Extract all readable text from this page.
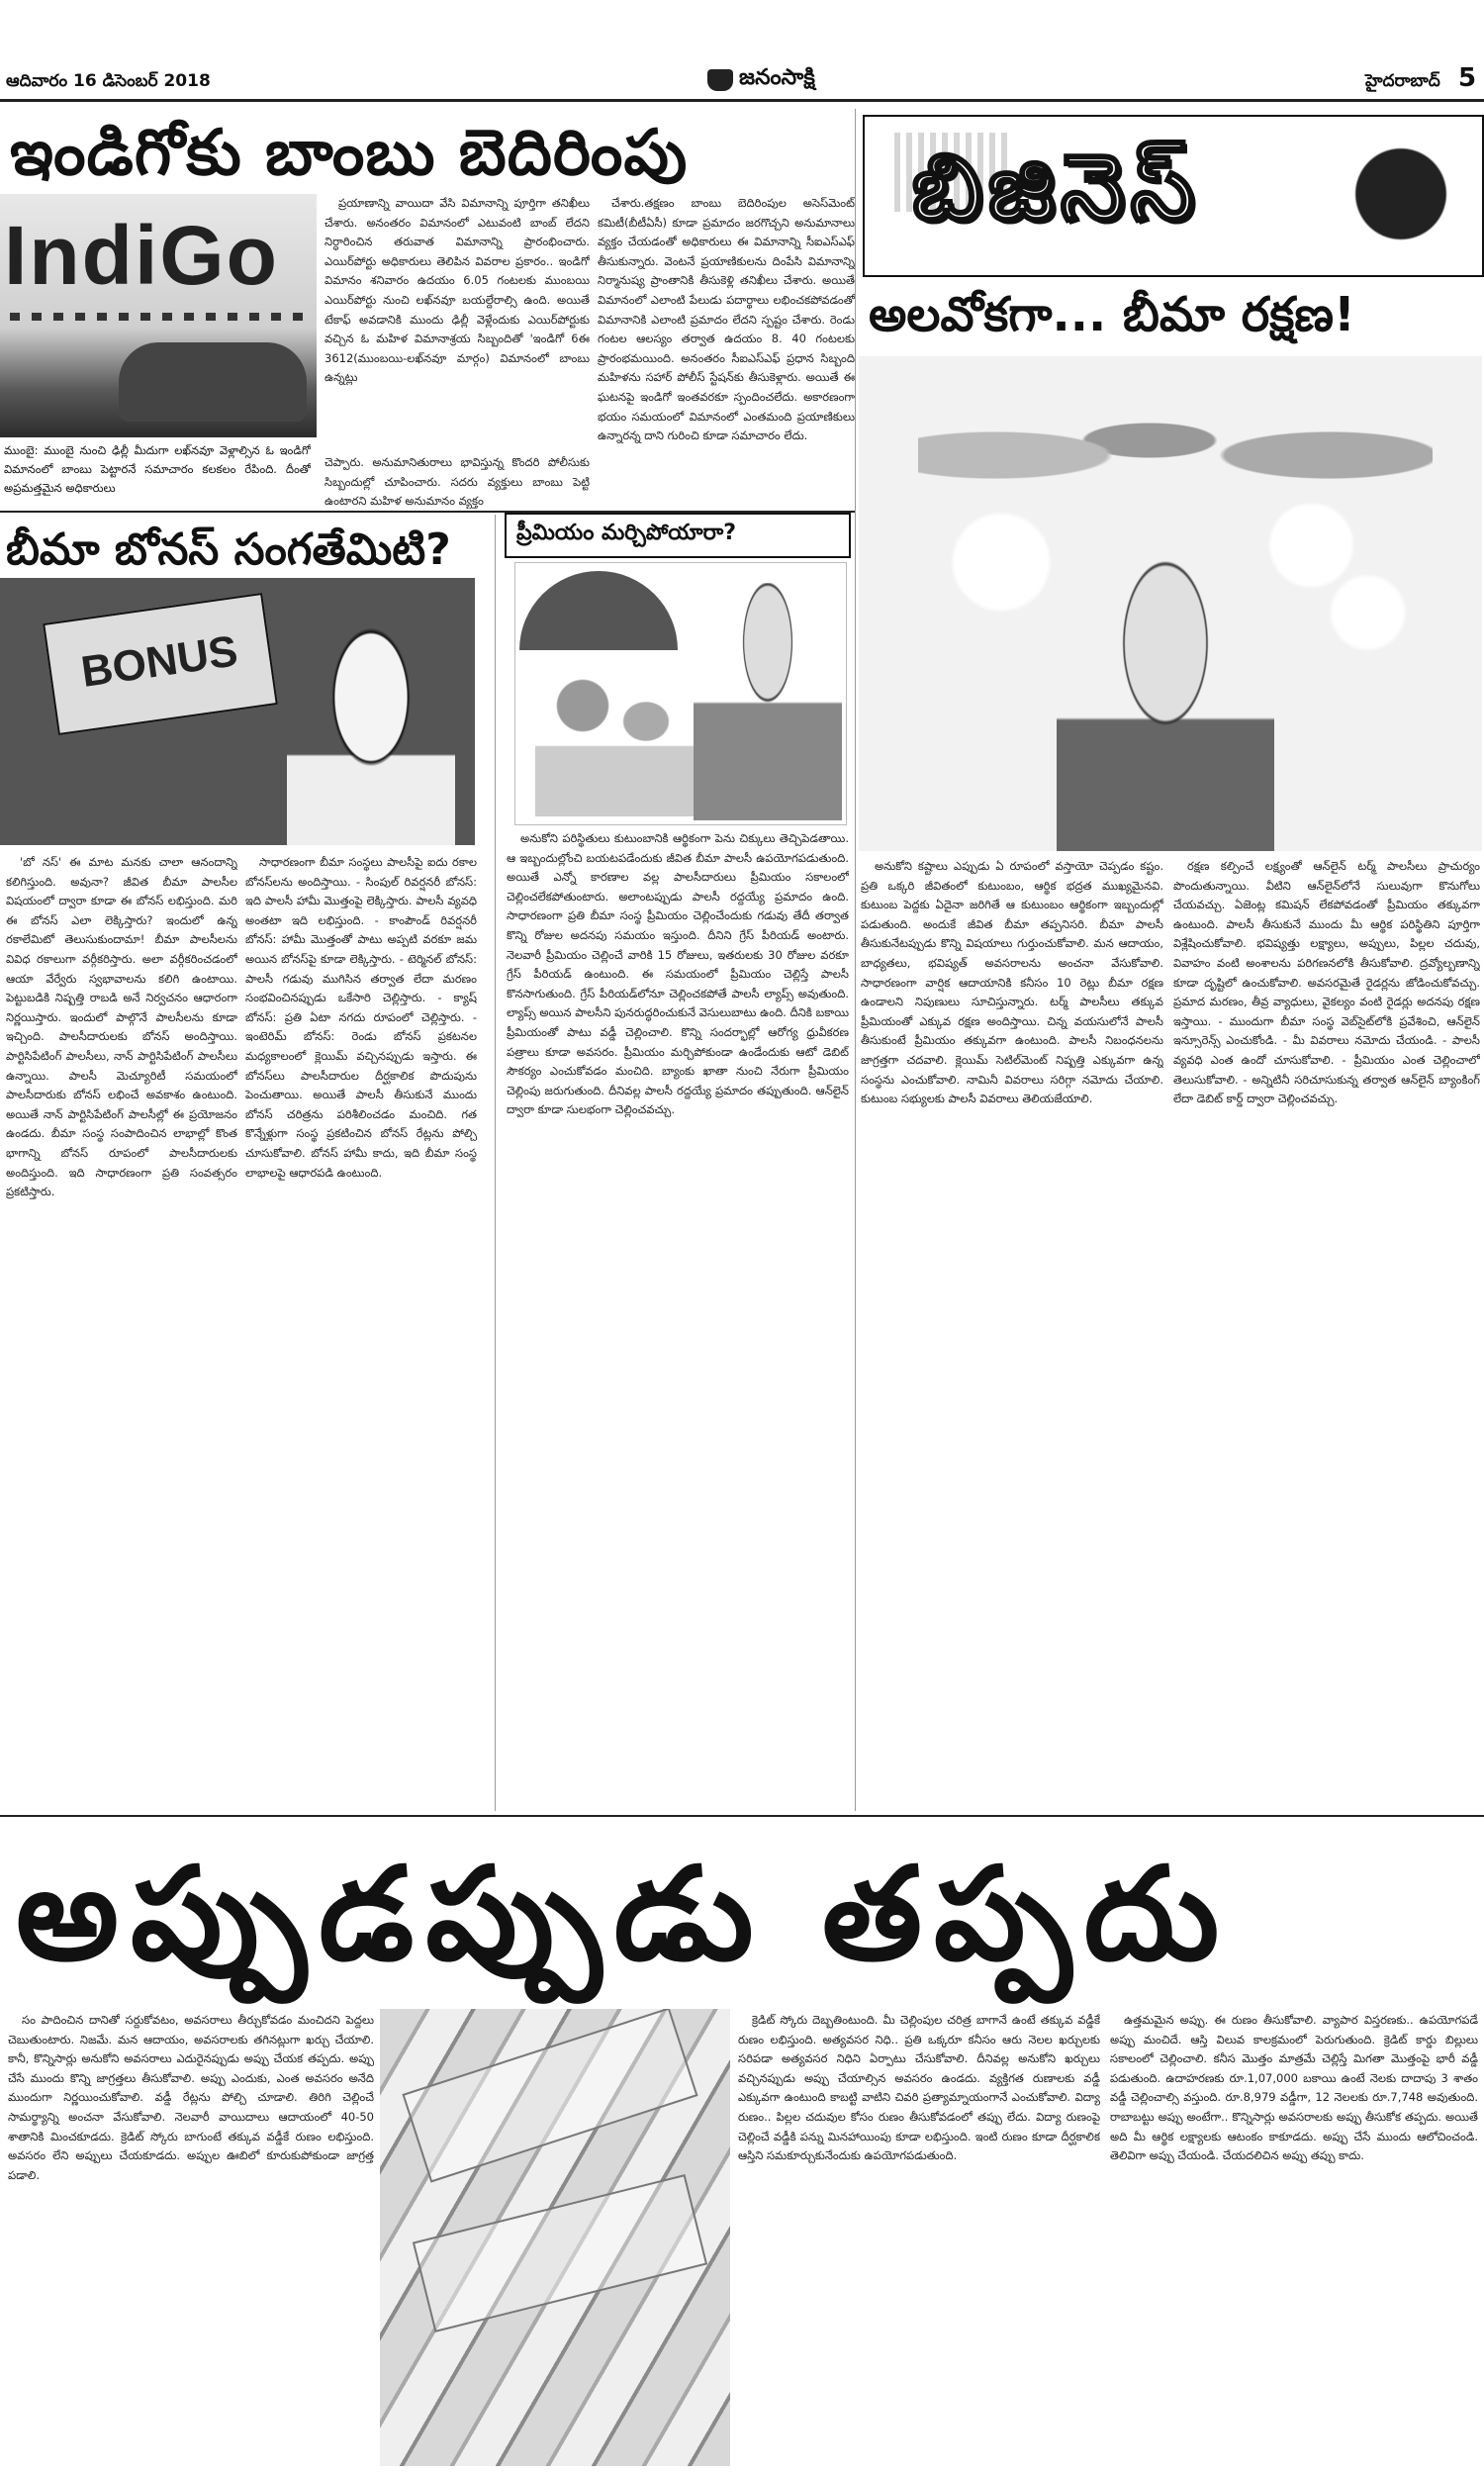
ఆదివారం 16 డిసెంబర్ 2018	జనంసాక్షి	హైదరాబాద్ 5
ఇండిగోకు బాంబు బెదిరింపు
IndiGo
ముంబై: ముంబై నుంచి ఢిల్లీ మీదుగా లఖ్‌నవూ వెళ్లాల్సిన ఓ ఇండిగో విమానంలో బాంబు పెట్టారనే సమాచారం కలకలం రేపింది. దీంతో అప్రమత్తమైన అధికారులు

ప్రయాణాన్ని వాయిదా వేసి విమానాన్ని పూర్తిగా తనిఖీలు చేశారు. అనంతరం విమానంలో ఎటువంటి బాంబ్ లేదని నిర్ధారించిన తరువాత విమానాన్ని ప్రారంభించారు. ఎయిర్‌పోర్టు అధికారులు తెలిపిన వివరాల ప్రకారం.. ఇండిగో విమానం శనివారం ఉదయం 6.05 గంటలకు ముంబయి ఎయిర్‌పోర్టు నుంచి లఖ్‌నవూ బయల్దేరాల్సి ఉంది. అయితే టేకాఫ్ అవడానికి ముందు ఢిల్లీ వెళ్లేందుకు ఎయిర్‌పోర్టుకు వచ్చిన ఓ మహిళ విమానాశ్రయ సిబ్బందితో 'ఇండిగో 6ఈ 3612(ముంబయి-లఖ్‌నవూ మార్గం) విమానంలో బాంబు ఉన్నట్లు

చెప్పారు. అనుమానితురాలు భావిస్తున్న కొందరి పోలీసుకు సిబ్బందుల్లో చూపించారు. సదరు వ్యక్తులు బాంబు పెట్టి ఉంటారని మహిళ అనుమానం వ్యక్తం

చేశారు.తక్షణం బాంబు బెదిరింపుల అసెస్‌మెంట్ కమిటీ(బీటీఏసీ) కూడా ప్రమాదం జరగొచ్చని అనుమానాలు వ్యక్తం చేయడంతో అధికారులు ఈ విమానాన్ని సీఐఎస్‌ఎఫ్ తీసుకున్నారు. వెంటనే ప్రయాణికులను దింపేసి విమానాన్ని నిర్మానుష్య ప్రాంతానికి తీసుకెళ్లి తనిఖీలు చేశారు. అయితే విమానంలో ఎలాంటి పేలుడు పదార్థాలు లభించకపోవడంతో విమానానికి ఎలాంటి ప్రమాదం లేదని స్పష్టం చేశారు. రెండు గంటల ఆలస్యం తర్వాత ఉదయం 8. 40 గంటలకు ప్రారంభమయింది. అనంతరం సీఐఎస్‌ఎఫ్ ప్రధాన సిబ్బంది మహిళను సహార్ పోలీస్ స్టేషన్‌కు తీసుకెళ్లారు. అయితే ఈ ఘటనపై ఇండిగో ఇంతవరకూ స్పందించలేదు. అకారణంగా భయం సమయంలో విమానంలో ఎంతమంది ప్రయాణికులు ఉన్నారన్న దాని గురించి కూడా సమాచారం లేదు.

బిజినెస్
అలవోకగా... బీమా రక్షణ!

అనుకోని కష్టాలు ఎప్పుడు ఏ రూపంలో వస్తాయో చెప్పడం కష్టం. ప్రతి ఒక్కరి జీవితంలో కుటుంబం, ఆర్థిక భద్రత ముఖ్యమైనవి. కుటుంబ పెద్దకు ఏదైనా జరిగితే ఆ కుటుంబం ఆర్థికంగా ఇబ్బందుల్లో పడుతుంది. అందుకే జీవిత బీమా తప్పనిసరి. బీమా పాలసీ తీసుకునేటప్పుడు కొన్ని విషయాలు గుర్తుంచుకోవాలి. మన ఆదాయం, బాధ్యతలు, భవిష్యత్ అవసరాలను అంచనా వేసుకోవాలి. సాధారణంగా వార్షిక ఆదాయానికి కనీసం 10 రెట్లు బీమా రక్షణ ఉండాలని నిపుణులు సూచిస్తున్నారు. టర్మ్ పాలసీలు తక్కువ ప్రీమియంతో ఎక్కువ రక్షణ అందిస్తాయి. చిన్న వయసులోనే పాలసీ తీసుకుంటే ప్రీమియం తక్కువగా ఉంటుంది. పాలసీ నిబంధనలను జాగ్రత్తగా చదవాలి. క్లెయిమ్ సెటిల్‌మెంట్ నిష్పత్తి ఎక్కువగా ఉన్న సంస్థను ఎంచుకోవాలి. నామినీ వివరాలు సరిగ్గా నమోదు చేయాలి. కుటుంబ సభ్యులకు పాలసీ వివరాలు తెలియజేయాలి.

రక్షణ కల్పించే లక్ష్యంతో ఆన్‌లైన్ టర్మ్ పాలసీలు ప్రాచుర్యం పొందుతున్నాయి. వీటిని ఆన్‌లైన్‌లోనే సులువుగా కొనుగోలు చేయవచ్చు. ఏజెంట్ల కమిషన్ లేకపోవడంతో ప్రీమియం తక్కువగా ఉంటుంది. పాలసీ తీసుకునే ముందు మీ ఆర్థిక పరిస్థితిని పూర్తిగా విశ్లేషించుకోవాలి. భవిష్యత్తు లక్ష్యాలు, అప్పులు, పిల్లల చదువు, వివాహం వంటి అంశాలను పరిగణనలోకి తీసుకోవాలి. ద్రవ్యోల్బణాన్ని కూడా దృష్టిలో ఉంచుకోవాలి. అవసరమైతే రైడర్లను జోడించుకోవచ్చు. ప్రమాద మరణం, తీవ్ర వ్యాధులు, వైకల్యం వంటి రైడర్లు అదనపు రక్షణ ఇస్తాయి. - ముందుగా బీమా సంస్థ వెబ్‌సైట్‌లోకి ప్రవేశించి, ఆన్‌లైన్ ఇన్సూరెన్స్ ఎంచుకోండి. - మీ వివరాలు నమోదు చేయండి. - పాలసీ వ్యవధి ఎంత ఉందో చూసుకోవాలి. - ప్రీమియం ఎంత చెల్లించాలో తెలుసుకోవాలి. - అన్నిటినీ సరిచూసుకున్న తర్వాత ఆన్‌లైన్ బ్యాంకింగ్ లేదా డెబిట్ కార్డ్ ద్వారా చెల్లించవచ్చు.

బీమా బోనస్ సంగతేమిటి?
BONUS

'బో నస్' ఈ మాట మనకు చాలా ఆనందాన్ని కలిగిస్తుంది. అవునా? జీవిత బీమా పాలసీల విషయంలో ద్వారా కూడా ఈ బోనస్ లభిస్తుంది. మరి ఈ బోనస్ ఎలా లెక్కిస్తారు? ఇందులో ఉన్న రకాలేమిటో తెలుసుకుందామా! బీమా పాలసీలను వివిధ రకాలుగా వర్గీకరిస్తారు. అలా వర్గీకరించడంలో ఆయా వేర్వేరు స్వభావాలను కలిగి ఉంటాయి. పెట్టుబడికి నిష్పత్తి రాబడి అనే నిర్వచనం ఆధారంగా నిర్ణయిస్తారు. ఇందులో పాల్గొనే పాలసీలను కూడా ఇచ్చింది. పాలసీదారులకు బోనస్ అందిస్తాయి. పార్టిసిపేటింగ్ పాలసీలు, నాన్ పార్టిసిపేటింగ్ పాలసీలు ఉన్నాయి. పాలసీ మెచ్యూరిటీ సమయంలో పాలసీదారుకు బోనస్ లభించే అవకాశం ఉంటుంది. అయితే నాన్ పార్టిసిపేటింగ్ పాలసీల్లో ఈ ప్రయోజనం ఉండదు. బీమా సంస్థ సంపాదించిన లాభాల్లో కొంత భాగాన్ని బోనస్ రూపంలో పాలసీదారులకు అందిస్తుంది. ఇది సాధారణంగా ప్రతి సంవత్సరం ప్రకటిస్తారు.

సాధారణంగా బీమా సంస్థలు పాలసీపై ఐదు రకాల బోనస్‌లను అందిస్తాయి. - సింపుల్ రివర్షనరీ బోనస్: ఇది పాలసీ హామీ మొత్తంపై లెక్కిస్తారు. పాలసీ వ్యవధి అంతటా ఇది లభిస్తుంది. - కాంపౌండ్ రివర్షనరీ బోనస్: హామీ మొత్తంతో పాటు అప్పటి వరకూ జమ అయిన బోనస్‌పై కూడా లెక్కిస్తారు. - టెర్మినల్ బోనస్: పాలసీ గడువు ముగిసిన తర్వాత లేదా మరణం సంభవించినప్పుడు ఒకేసారి చెల్లిస్తారు. - క్యాష్ బోనస్: ప్రతి ఏటా నగదు రూపంలో చెల్లిస్తారు. - ఇంటెరిమ్ బోనస్: రెండు బోనస్ ప్రకటనల మధ్యకాలంలో క్లెయిమ్ వచ్చినప్పుడు ఇస్తారు. ఈ బోనస్‌లు పాలసీదారుల దీర్ఘకాలిక పొదుపును పెంచుతాయి. అయితే పాలసీ తీసుకునే ముందు బోనస్ చరిత్రను పరిశీలించడం మంచిది. గత కొన్నేళ్లుగా సంస్థ ప్రకటించిన బోనస్ రేట్లను పోల్చి చూసుకోవాలి. బోనస్ హామీ కాదు, ఇది బీమా సంస్థ లాభాలపై ఆధారపడి ఉంటుంది.

ప్రీమియం మర్చిపోయారా?

అనుకోని పరిస్థితులు కుటుంబానికి ఆర్థికంగా పెను చిక్కులు తెచ్చిపెడతాయి. ఆ ఇబ్బందుల్లోంచి బయటపడేందుకు జీవిత బీమా పాలసీ ఉపయోగపడుతుంది. అయితే ఎన్నో కారణాల వల్ల పాలసీదారులు ప్రీమియం సకాలంలో చెల్లించలేకపోతుంటారు. అలాంటప్పుడు పాలసీ రద్దయ్యే ప్రమాదం ఉంది. సాధారణంగా ప్రతి బీమా సంస్థ ప్రీమియం చెల్లించేందుకు గడువు తేదీ తర్వాత కొన్ని రోజుల అదనపు సమయం ఇస్తుంది. దీనిని గ్రేస్ పీరియడ్ అంటారు. నెలవారీ ప్రీమియం చెల్లించే వారికి 15 రోజులు, ఇతరులకు 30 రోజుల వరకూ గ్రేస్ పీరియడ్ ఉంటుంది. ఈ సమయంలో ప్రీమియం చెల్లిస్తే పాలసీ కొనసాగుతుంది. గ్రేస్ పీరియడ్‌లోనూ చెల్లించకపోతే పాలసీ ల్యాప్స్ అవుతుంది. ల్యాప్స్ అయిన పాలసీని పునరుద్ధరించుకునే వెసులుబాటు ఉంది. దీనికి బకాయి ప్రీమియంతో పాటు వడ్డీ చెల్లించాలి. కొన్ని సందర్భాల్లో ఆరోగ్య ధ్రువీకరణ పత్రాలు కూడా అవసరం. ప్రీమియం మర్చిపోకుండా ఉండేందుకు ఆటో డెబిట్ సౌకర్యం ఎంచుకోవడం మంచిది. బ్యాంకు ఖాతా నుంచి నేరుగా ప్రీమియం చెల్లింపు జరుగుతుంది. దీనివల్ల పాలసీ రద్దయ్యే ప్రమాదం తప్పుతుంది. ఆన్‌లైన్ ద్వారా కూడా సులభంగా చెల్లించవచ్చు.

అప్పుడప్పుడు తప్పదు

సం పాదించిన దానితో సర్దుకోవటం, అవసరాలు తీర్చుకోవడం మంచిదని పెద్దలు చెబుతుంటారు. నిజమే. మన ఆదాయం, అవసరాలకు తగినట్లుగా ఖర్చు చేయాలి. కానీ, కొన్నిసార్లు అనుకోని అవసరాలు ఎదురైనప్పుడు అప్పు చేయక తప్పదు. అప్పు చేసే ముందు కొన్ని జాగ్రత్తలు తీసుకోవాలి. అప్పు ఎందుకు, ఎంత అవసరం అనేది ముందుగా నిర్ణయించుకోవాలి. వడ్డీ రేట్లను పోల్చి చూడాలి. తిరిగి చెల్లించే సామర్థ్యాన్ని అంచనా వేసుకోవాలి. నెలవారీ వాయిదాలు ఆదాయంలో 40-50 శాతానికి మించకూడదు. క్రెడిట్ స్కోరు బాగుంటే తక్కువ వడ్డీకే రుణం లభిస్తుంది. అవసరం లేని అప్పులు చేయకూడదు. అప్పుల ఊబిలో కూరుకుపోకుండా జాగ్రత్త పడాలి.

క్రెడిట్ స్కోరు దెబ్బతింటుంది. మీ చెల్లింపుల చరిత్ర బాగానే ఉంటే తక్కువ వడ్డీకే రుణం లభిస్తుంది. అత్యవసర నిధి.. ప్రతి ఒక్కరూ కనీసం ఆరు నెలల ఖర్చులకు సరిపడా అత్యవసర నిధిని ఏర్పాటు చేసుకోవాలి. దీనివల్ల అనుకోని ఖర్చులు వచ్చినప్పుడు అప్పు చేయాల్సిన అవసరం ఉండదు. వ్యక్తిగత రుణాలకు వడ్డీ ఎక్కువగా ఉంటుంది కాబట్టి వాటిని చివరి ప్రత్యామ్నాయంగానే ఎంచుకోవాలి. విద్యా రుణం.. పిల్లల చదువుల కోసం రుణం తీసుకోవడంలో తప్పు లేదు. విద్యా రుణంపై చెల్లించే వడ్డీకి పన్ను మినహాయింపు కూడా లభిస్తుంది. ఇంటి రుణం కూడా దీర్ఘకాలిక ఆస్తిని సమకూర్చుకునేందుకు ఉపయోగపడుతుంది.

ఉత్తమమైన అప్పు. ఈ రుణం తీసుకోవాలి. వ్యాపార విస్తరణకు.. ఉపయోగపడే అప్పు మంచిదే. ఆస్తి విలువ కాలక్రమంలో పెరుగుతుంది. క్రెడిట్ కార్డు బిల్లులు సకాలంలో చెల్లించాలి. కనీస మొత్తం మాత్రమే చెల్లిస్తే మిగతా మొత్తంపై భారీ వడ్డీ పడుతుంది. ఉదాహరణకు రూ.1,07,000 బకాయి ఉంటే నెలకు దాదాపు 3 శాతం వడ్డీ చెల్లించాల్సి వస్తుంది. రూ.8,979 వడ్డీగా, 12 నెలలకు రూ.7,748 అవుతుంది. రాబాబట్టు అప్పు అంటేగా.. కొన్నిసార్లు అవసరాలకు అప్పు తీసుకోక తప్పదు. అయితే అది మీ ఆర్థిక లక్ష్యాలకు ఆటంకం కాకూడదు. అప్పు చేసే ముందు ఆలోచించండి. తెలివిగా అప్పు చేయండి. చేయదలిచిన అప్పు తప్పు కాదు.
